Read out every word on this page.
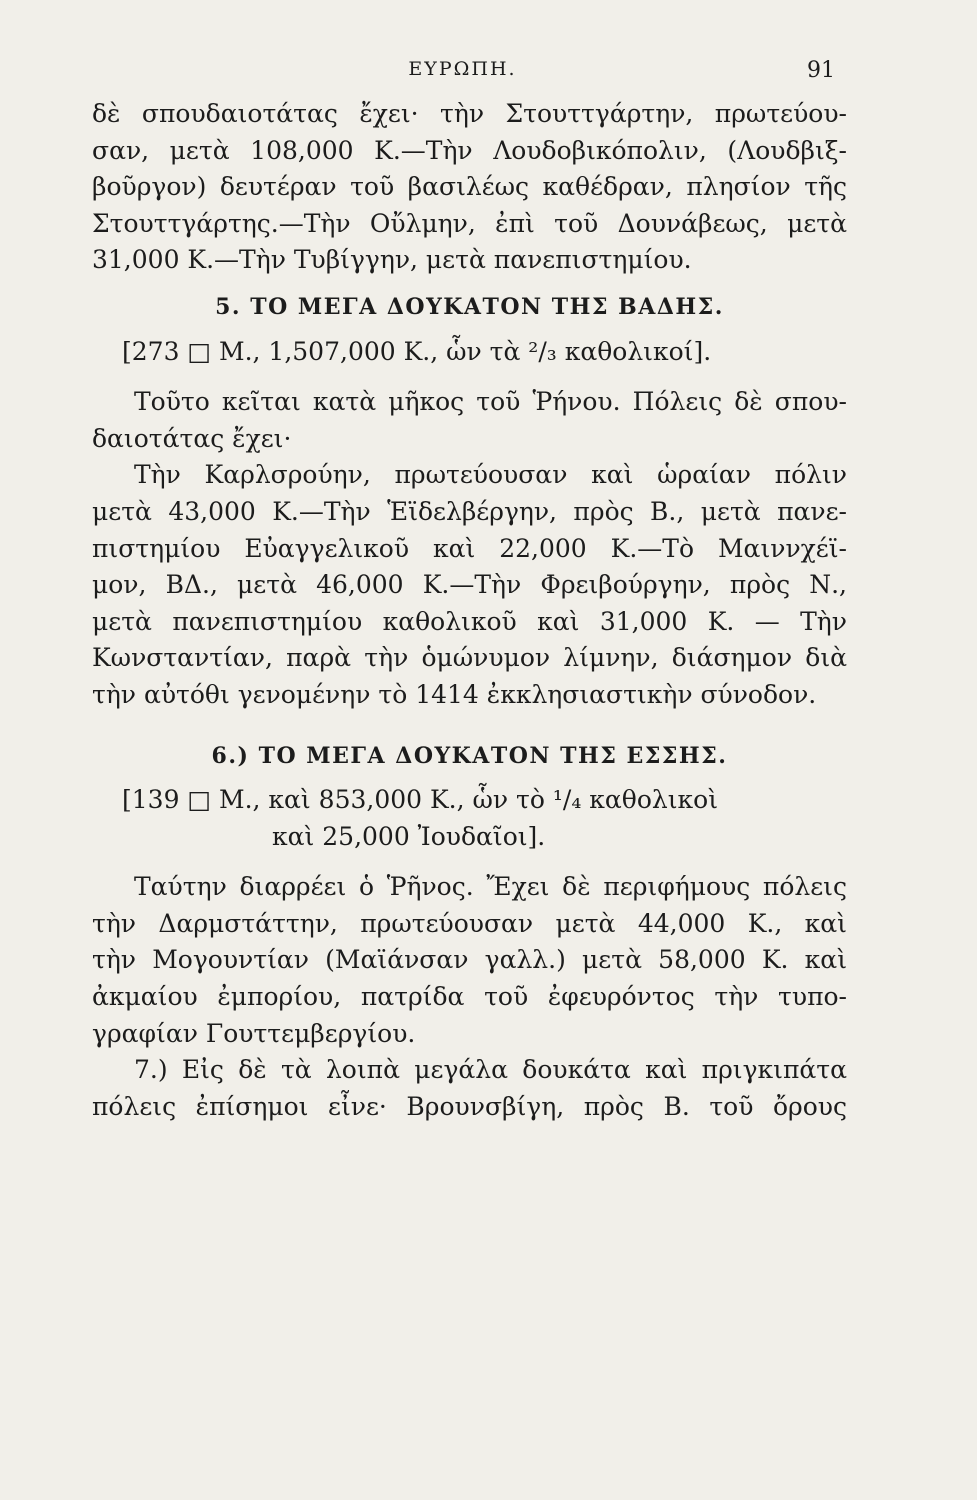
ΕΥΡΩΠΗ.	91

δὲ σπουδαιοτάτας ἔχει· τὴν Στουττγάρτην, πρωτεύου-
σαν, μετὰ 108,000 Κ.—Τὴν Λουδοβικόπολιν, (Λουδβιξ-
βοῦργον) δευτέραν τοῦ βασιλέως καθέδραν, πλησίον τῆς
Στουττγάρτης.—Τὴν Οὔλμην, ἐπὶ τοῦ Δουνάβεως, μετὰ
31,000 Κ.—Τὴν Τυβίγγην, μετὰ πανεπιστημίου.

5. ΤΟ ΜΕΓΑ ΔΟΥΚΑΤΟΝ ΤΗΣ ΒΑΔΗΣ.
[273 □ Μ., 1,507,000 Κ., ὧν τὰ ²/₃ καθολικοί].

Τοῦτο κεῖται κατὰ μῆκος τοῦ Ῥήνου. Πόλεις δὲ σπου-
δαιοτάτας ἔχει·
Τὴν Καρλσρούην, πρωτεύουσαν καὶ ὡραίαν πόλιν
μετὰ 43,000 Κ.—Τὴν Ἑϊδελβέργην, πρὸς Β., μετὰ πανε-
πιστημίου Εὐαγγελικοῦ καὶ 22,000 Κ.—Τὸ Μαιννχέϊ-
μον, ΒΔ., μετὰ 46,000 Κ.—Τὴν Φρειβούργην, πρὸς Ν.,
μετὰ πανεπιστημίου καθολικοῦ καὶ 31,000 Κ. — Τὴν
Κωνσταντίαν, παρὰ τὴν ὁμώνυμον λίμνην, διάσημον διὰ
τὴν αὐτόθι γενομένην τὸ 1414 ἐκκλησιαστικὴν σύνοδον.

6.) ΤΟ ΜΕΓΑ ΔΟΥΚΑΤΟΝ ΤΗΣ ΕΣΣΗΣ.
[139 □ Μ., καὶ 853,000 Κ., ὧν τὸ ¹/₄ καθολικοὶ
καὶ 25,000 Ἰουδαῖοι].

Ταύτην διαρρέει ὁ Ῥῆνος. Ἔχει δὲ περιφήμους πόλεις
τὴν Δαρμστάττην, πρωτεύουσαν μετὰ 44,000 Κ., καὶ
τὴν Μογουντίαν (Μαϊάνσαν γαλλ.) μετὰ 58,000 Κ. καὶ
ἀκμαίου ἐμπορίου, πατρίδα τοῦ ἐφευρόντος τὴν τυπο-
γραφίαν Γουττεμβεργίου.

7.) Εἰς δὲ τὰ λοιπὰ μεγάλα δουκάτα καὶ πριγκιπάτα
πόλεις ἐπίσημοι εἶνε· Βρουνσβίγη, πρὸς Β. τοῦ ὄρους
